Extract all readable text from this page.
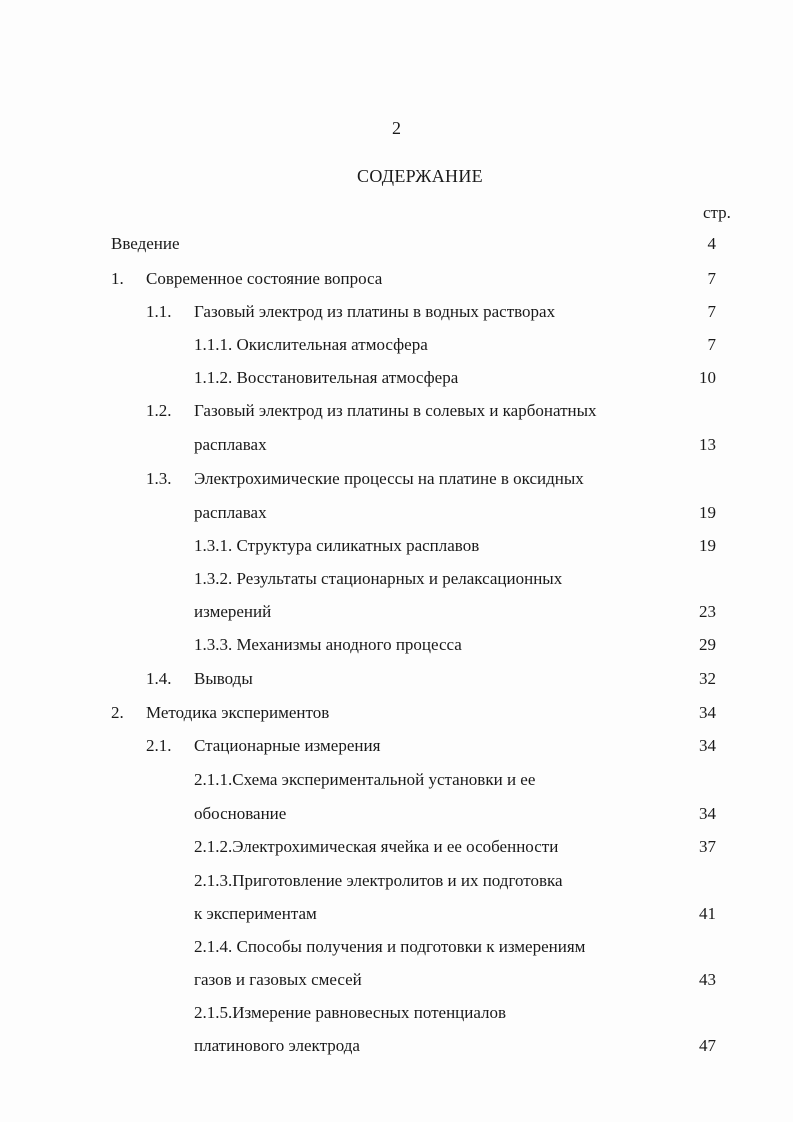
2
СОДЕРЖАНИЕ
стр.
Введение	4
1. Современное состояние вопроса	7
1.1. Газовый электрод из платины в водных растворах	7
1.1.1. Окислительная атмосфера	7
1.1.2. Восстановительная атмосфера	10
1.2. Газовый электрод из платины в солевых и карбонатных
расплавах	13
1.3. Электрохимические процессы на платине в оксидных
расплавах	19
1.3.1. Структура силикатных расплавов	19
1.3.2. Результаты стационарных и релаксационных
измерений	23
1.3.3. Механизмы анодного процесса	29
1.4. Выводы	32
2. Методика экспериментов	34
2.1. Стационарные измерения	34
2.1.1.Схема экспериментальной установки и ее
обоснование	34
2.1.2.Электрохимическая ячейка и ее особенности	37
2.1.3.Приготовление электролитов и их подготовка
к экспериментам	41
2.1.4. Способы получения и подготовки к измерениям
газов и газовых смесей	43
2.1.5.Измерение равновесных потенциалов
платинового электрода	47
